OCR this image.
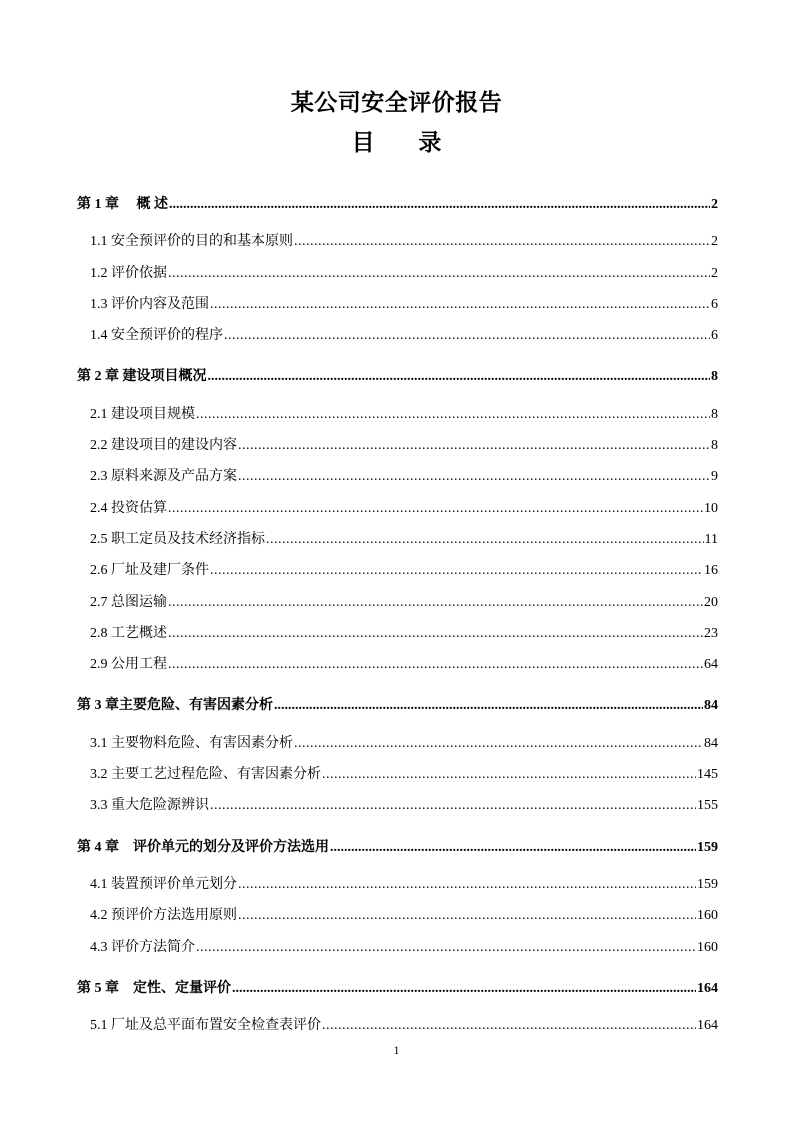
某公司安全评价报告
目 录
第 1 章　 概 述 .....	2
1.1 安全预评价的目的和基本原则 .....	2
1.2 评价依据 .....	2
1.3 评价内容及范围 .....	6
1.4 安全预评价的程序 .....	6
第 2 章 建设项目概况 .....	8
2.1 建设项目规模 .....	8
2.2 建设项目的建设内容 .....	8
2.3 原料来源及产品方案 .....	9
2.4 投资估算 .....	10
2.5 职工定员及技术经济指标 .....	11
2.6 厂址及建厂条件 .....	16
2.7 总图运输 .....	20
2.8 工艺概述 .....	23
2.9 公用工程 .....	64
第 3 章主要危险、有害因素分析 .....	84
3.1 主要物料危险、有害因素分析 .....	84
3.2 主要工艺过程危险、有害因素分析 .....	145
3.3 重大危险源辨识 .....	155
第 4 章　评价单元的划分及评价方法选用 .....	159
4.1 装置预评价单元划分 .....	159
4.2 预评价方法选用原则 .....	160
4.3 评价方法简介 .....	160
第 5 章　定性、定量评价 .....	164
5.1 厂址及总平面布置安全检查表评价 .....	164
1
